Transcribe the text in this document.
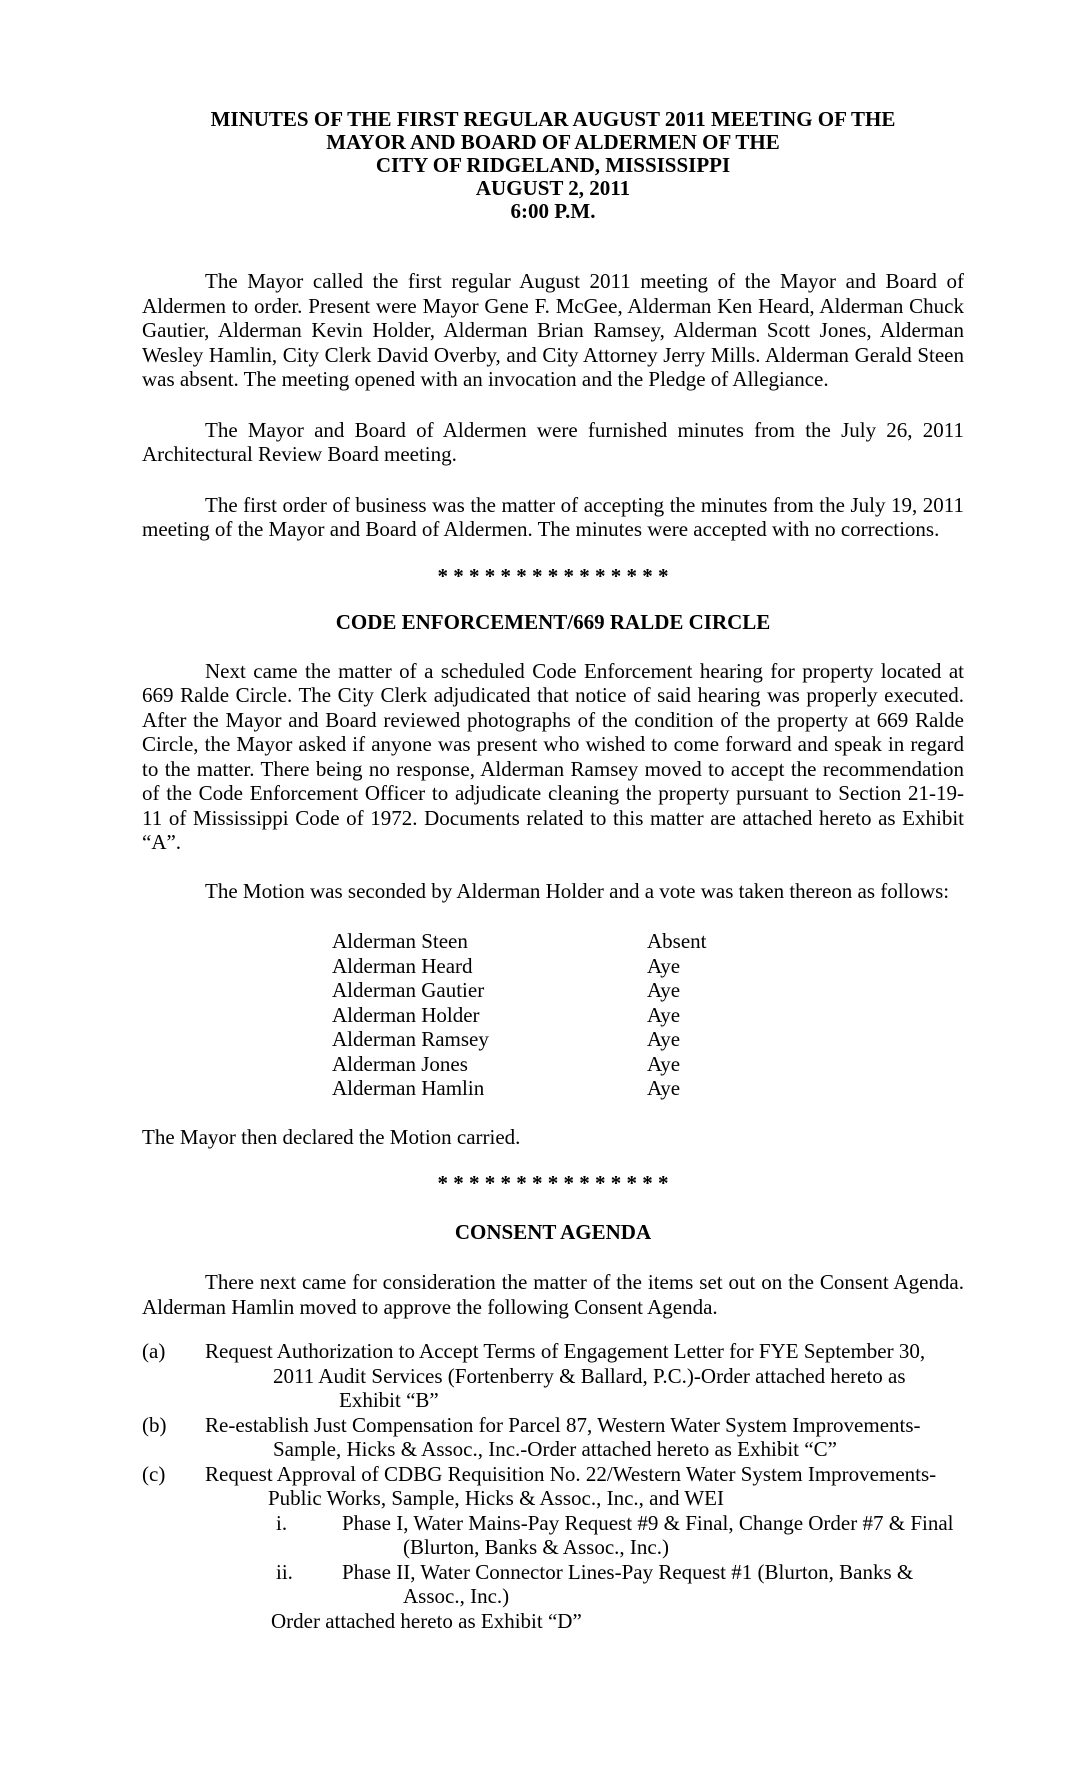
MINUTES OF THE FIRST REGULAR AUGUST 2011 MEETING OF THE
MAYOR AND BOARD OF ALDERMEN OF THE
CITY OF RIDGELAND, MISSISSIPPI
AUGUST 2, 2011
6:00 P.M.

The Mayor called the first regular August 2011 meeting of the Mayor and Board of Aldermen to order. Present were Mayor Gene F. McGee, Alderman Ken Heard, Alderman Chuck Gautier, Alderman Kevin Holder, Alderman Brian Ramsey, Alderman Scott Jones, Alderman Wesley Hamlin, City Clerk David Overby, and City Attorney Jerry Mills. Alderman Gerald Steen was absent. The meeting opened with an invocation and the Pledge of Allegiance.

The Mayor and Board of Aldermen were furnished minutes from the July 26, 2011 Architectural Review Board meeting.

The first order of business was the matter of accepting the minutes from the July 19, 2011 meeting of the Mayor and Board of Aldermen. The minutes were accepted with no corrections.

* * * * * * * * * * * * * * *
CODE ENFORCEMENT/669 RALDE CIRCLE

Next came the matter of a scheduled Code Enforcement hearing for property located at 669 Ralde Circle. The City Clerk adjudicated that notice of said hearing was properly executed. After the Mayor and Board reviewed photographs of the condition of the property at 669 Ralde Circle, the Mayor asked if anyone was present who wished to come forward and speak in regard to the matter. There being no response, Alderman Ramsey moved to accept the recommendation of the Code Enforcement Officer to adjudicate cleaning the property pursuant to Section 21-19-11 of Mississippi Code of 1972. Documents related to this matter are attached hereto as Exhibit “A”.

The Motion was seconded by Alderman Holder and a vote was taken thereon as follows:

Alderman Steen	Absent
Alderman Heard	Aye
Alderman Gautier	Aye
Alderman Holder	Aye
Alderman Ramsey	Aye
Alderman Jones	Aye
Alderman Hamlin	Aye

The Mayor then declared the Motion carried.

* * * * * * * * * * * * * * *
CONSENT AGENDA

There next came for consideration the matter of the items set out on the Consent Agenda. Alderman Hamlin moved to approve the following Consent Agenda.

(a) Request Authorization to Accept Terms of Engagement Letter for FYE September 30,
2011 Audit Services (Fortenberry & Ballard, P.C.)-Order attached hereto as
Exhibit “B”
(b) Re-establish Just Compensation for Parcel 87, Western Water System Improvements-
Sample, Hicks & Assoc., Inc.-Order attached hereto as Exhibit “C”
(c) Request Approval of CDBG Requisition No. 22/Western Water System Improvements-
Public Works, Sample, Hicks & Assoc., Inc., and WEI
i.	Phase I, Water Mains-Pay Request #9 & Final, Change Order #7 & Final
(Blurton, Banks & Assoc., Inc.)
ii. Phase II, Water Connector Lines-Pay Request #1 (Blurton, Banks &
Assoc., Inc.)
Order attached hereto as Exhibit “D”
